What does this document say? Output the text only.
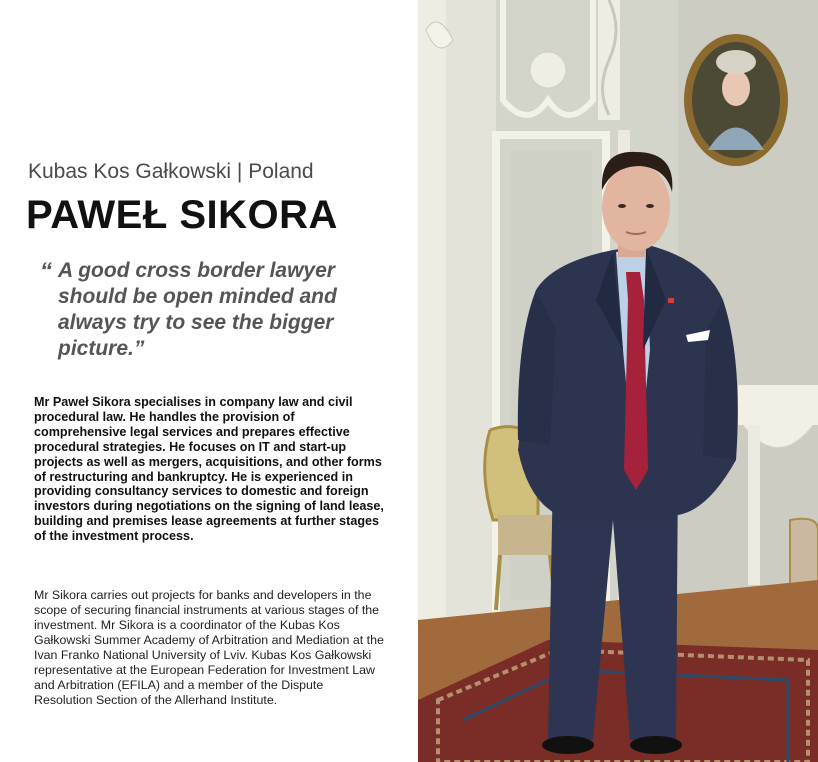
Kubas Kos Gałkowski | Poland
PAWEŁ SIKORA
“ A good cross border lawyer should be open minded and always try to see the bigger picture.”
Mr Paweł Sikora specialises in company law and civil procedural law. He handles the provision of comprehensive legal services and prepares effective procedural strategies. He focuses on IT and start-up projects as well as mergers, acquisitions, and other forms of restructuring and bankruptcy. He is experienced in providing consultancy services to domestic and foreign investors during negotiations on the signing of land lease, building and premises lease agreements at further stages of the investment process.
Mr Sikora carries out projects for banks and developers in the scope of securing financial instruments at various stages of the investment. Mr Sikora is a coordinator of the Kubas Kos Gałkowski Summer Academy of Arbitration and Mediation at the Ivan Franko National University of Lviv. Kubas Kos Gałkowski representative at the European Federation for Investment Law and Arbitration (EFILA) and a member of the Dispute Resolution Section of the Allerhand Institute.
